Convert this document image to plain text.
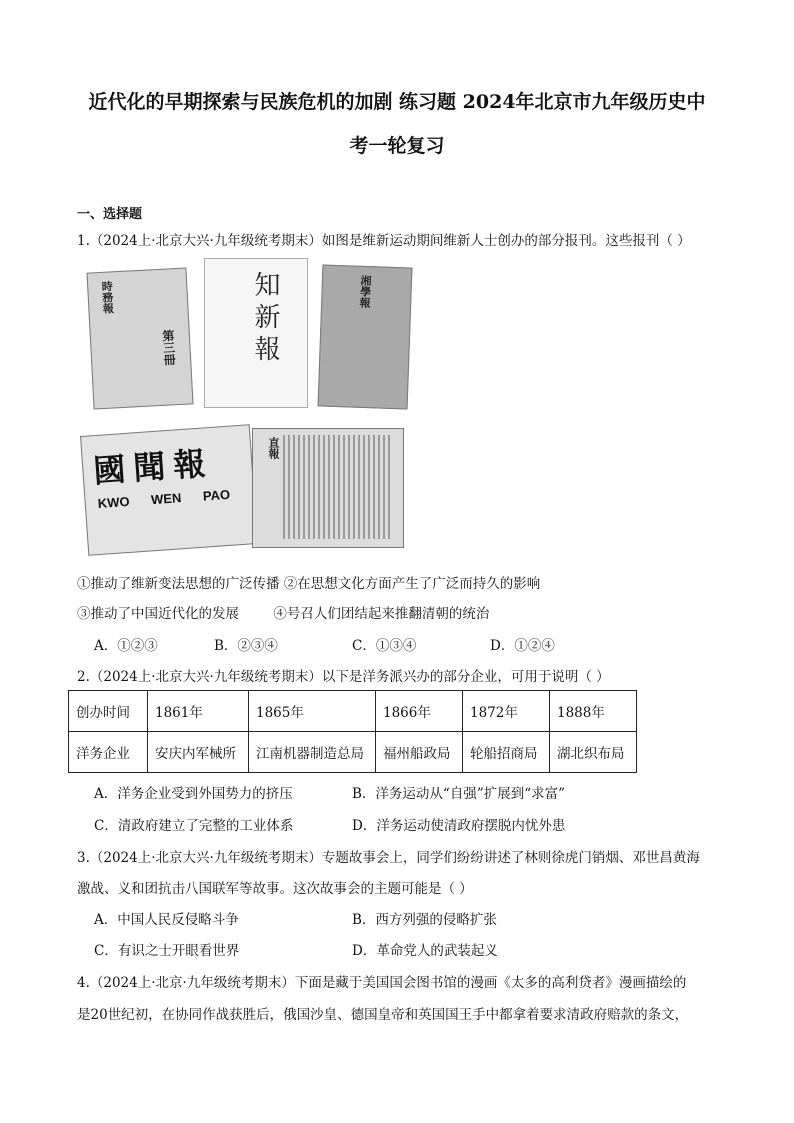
近代化的早期探索与民族危机的加剧 练习题 2024年北京市九年级历史中
考一轮复习
一、选择题
1.（2024上·北京大兴·九年级统考期末）如图是维新运动期间维新人士创办的部分报刊。这些报刊（ ）
時務報
第三冊	知新報	湘學報
國聞報
KWO WEN PAO
直報
①推动了维新变法思想的广泛传播 ②在思想文化方面产生了广泛而持久的影响
③推动了中国近代化的发展        ④号召人们团结起来推翻清朝的统治
A．①②③	B．②③④	C．①③④	D．①②④
2.（2024上·北京大兴·九年级统考期末）以下是洋务派兴办的部分企业，可用于说明（ ）
创办时间	1861年	1865年	1866年	1872年	1888年
洋务企业	安庆内军械所	江南机器制造总局	福州船政局	轮船招商局	湖北织布局
A．洋务企业受到外国势力的挤压	B．洋务运动从“自强”扩展到“求富”
C．清政府建立了完整的工业体系	D．洋务运动使清政府摆脱内忧外患
3.（2024上·北京大兴·九年级统考期末）专题故事会上，同学们纷纷讲述了林则徐虎门销烟、邓世昌黄海
激战、义和团抗击八国联军等故事。这次故事会的主题可能是（ ）
A．中国人民反侵略斗争	B．西方列强的侵略扩张
C．有识之士开眼看世界	D．革命党人的武装起义
4.（2024上·北京·九年级统考期末）下面是藏于美国国会图书馆的漫画《太多的高利贷者》漫画描绘的
是20世纪初，在协同作战获胜后，俄国沙皇、德国皇帝和英国国王手中都拿着要求清政府赔款的条文，
